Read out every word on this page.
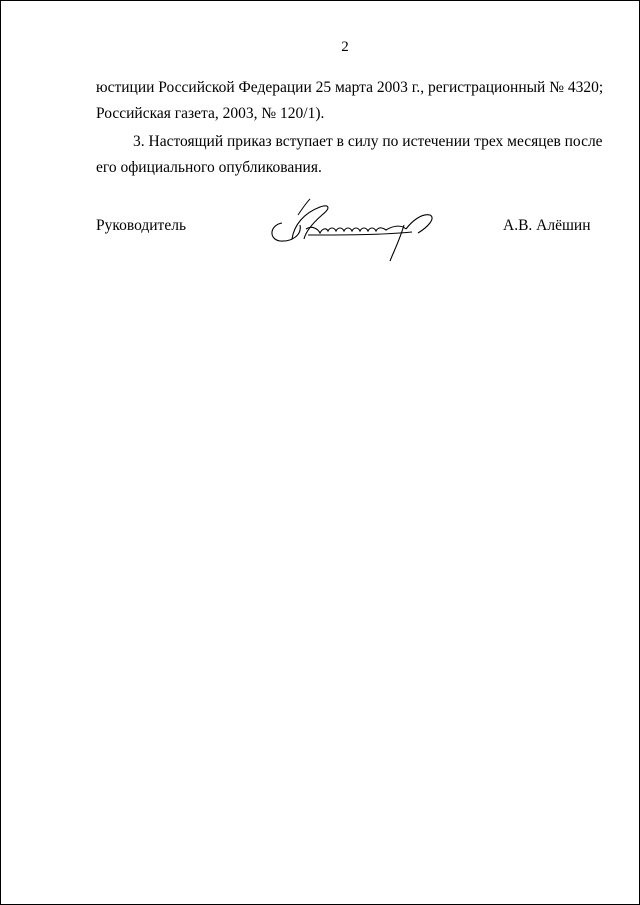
2
юстиции Российской Федерации 25 марта 2003 г., регистрационный № 4320;
Российская газета, 2003, № 120/1).
3. Настоящий приказ вступает в силу по истечении трех месяцев после
его официального опубликования.
Руководитель	А.В. Алёшин
